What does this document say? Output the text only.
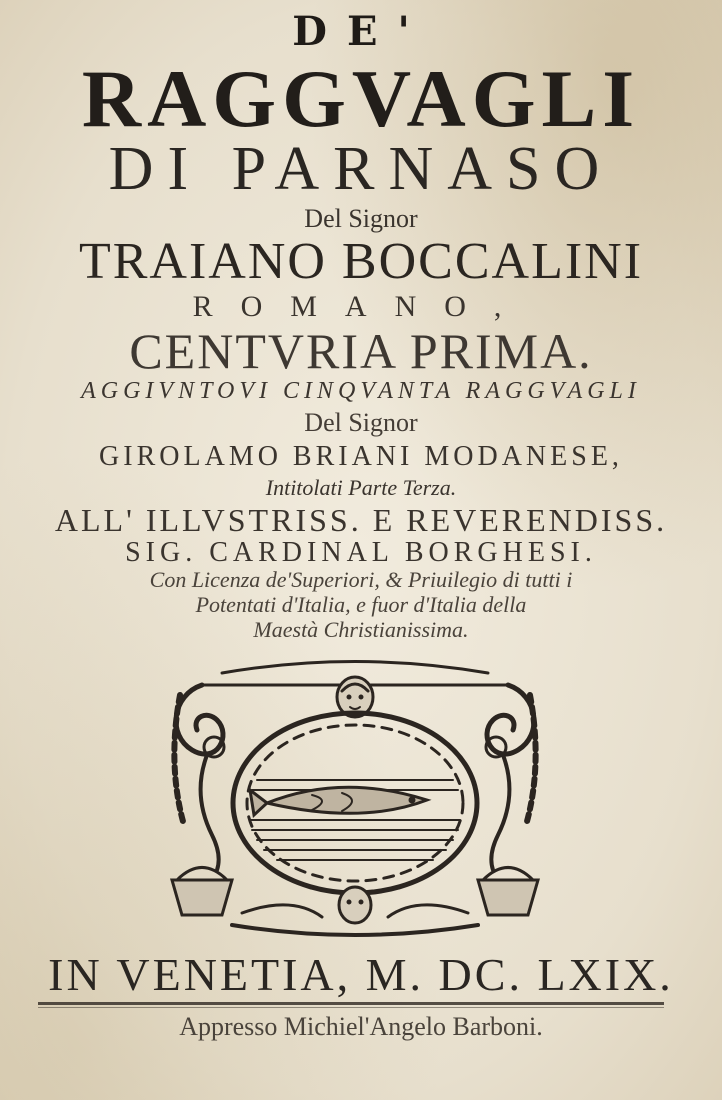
DE'
RAGGVAGLI
DI PARNASO
Del Signor
TRAIANO BOCCALINI
ROMANO,
CENTVRIA PRIMA.
AGGIVNTOVI CINQVANTA RAGGVAGLI
Del Signor
GIROLAMO BRIANI MODANESE,
Intitolati Parte Terza.
ALL' ILLVSTRISS. E REVERENDISS.
SIG. CARDINAL BORGHESI.
Con Licenza de'Superiori, & Priuilegio di tutti i
Potentati d'Italia, e fuor d'Italia della
Maestà Christianissima.
IN VENETIA, M. DC. LXIX.
Appresso Michiel'Angelo Barboni.
